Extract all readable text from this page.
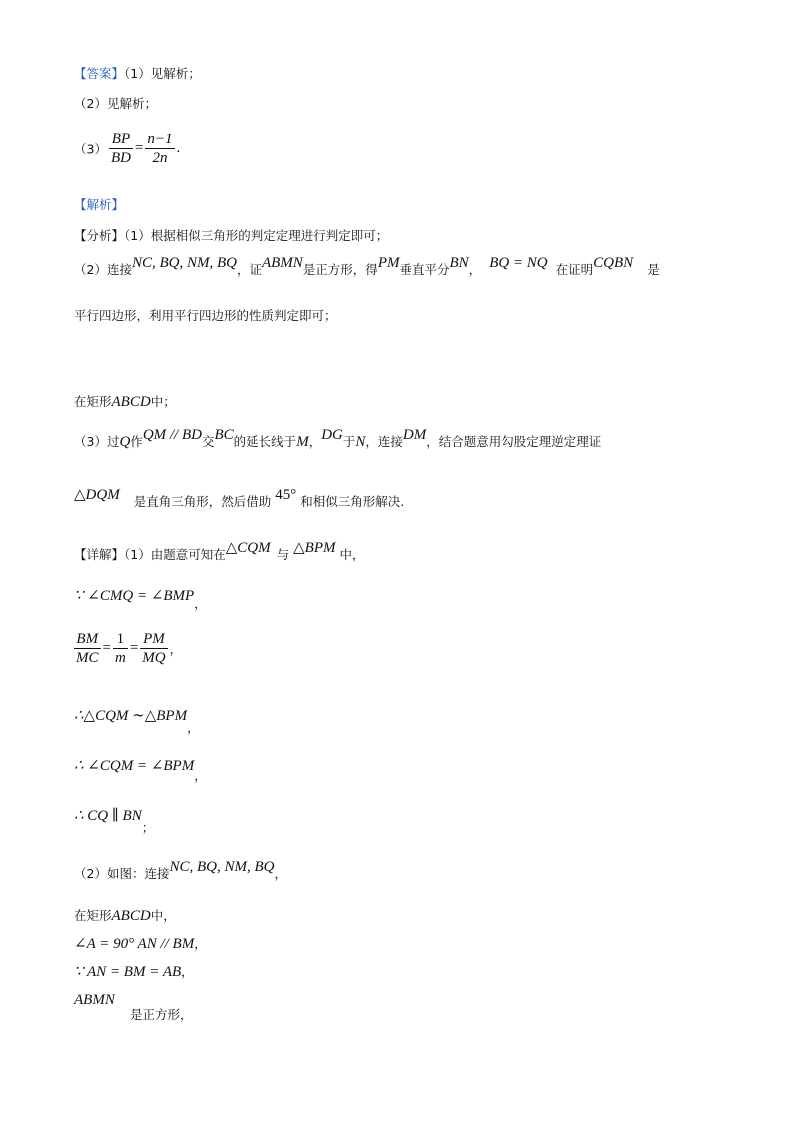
【答案】（1）见解析；
（2）见解析；
$(3) \frac{BP}{BD} = \frac{n-1}{2n}$ .
【解析】
【分析】（1）根据相似三角形的判定定理进行判定即可；
（2）连接NC, BQ, NM, BQ，证ABMN是正方形，得PM垂直平分BN， BQ = NQ 在证明CQBN 是
平行四边形，利用平行四边形的性质判定即可；
在矩形ABCD中；
（3）过Q作QM // BD交BC的延长线于M，DG于N，连接DM，结合题意用勾股定理逆定理证
△DQM 是直角三角形，然后借助 45° 和相似三角形解决.
【详解】（1）由题意可知在△CQM 与 △BPM 中，
∵ ∠CMQ = ∠BMP，
$\frac{BM}{MC} = \frac{1}{m} = \frac{PM}{MQ}$ ，
∴△CQM ∼△BPM，
∴ ∠CQM = ∠BPM，
∴ CQ ∥ BN；
（2）如图：连接NC, BQ, NM, BQ，
在矩形ABCD中，
∠A = 90° AN // BM，
∵ AN = BM = AB，
ABMN
是正方形，
